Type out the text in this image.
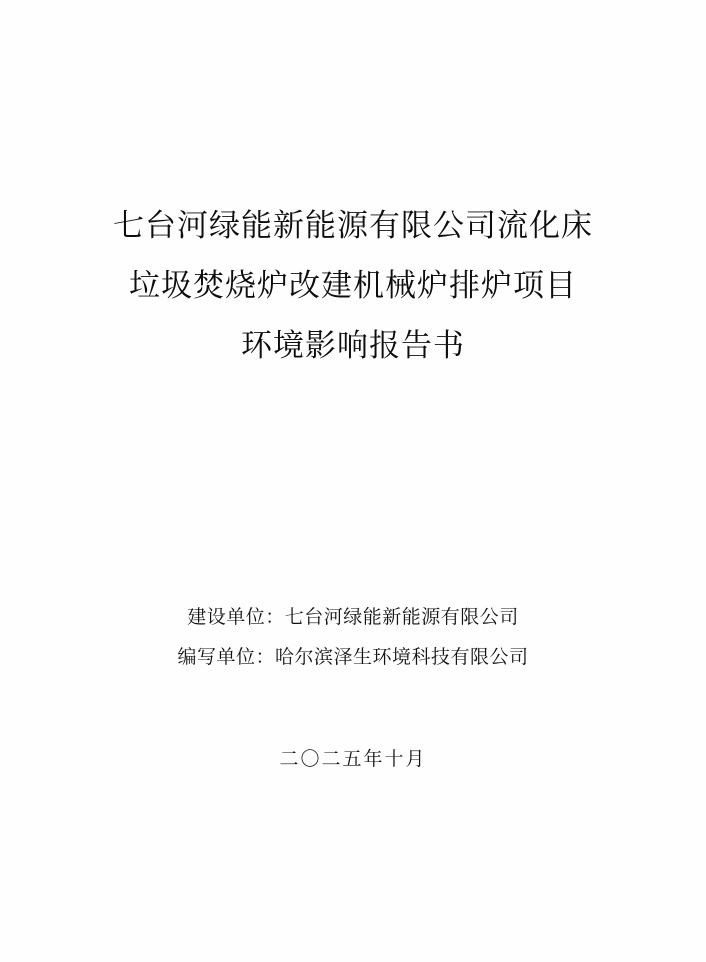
七台河绿能新能源有限公司流化床
垃圾焚烧炉改建机械炉排炉项目
环境影响报告书
建设单位：七台河绿能新能源有限公司
编写单位：哈尔滨泽生环境科技有限公司
二〇二五年十月
